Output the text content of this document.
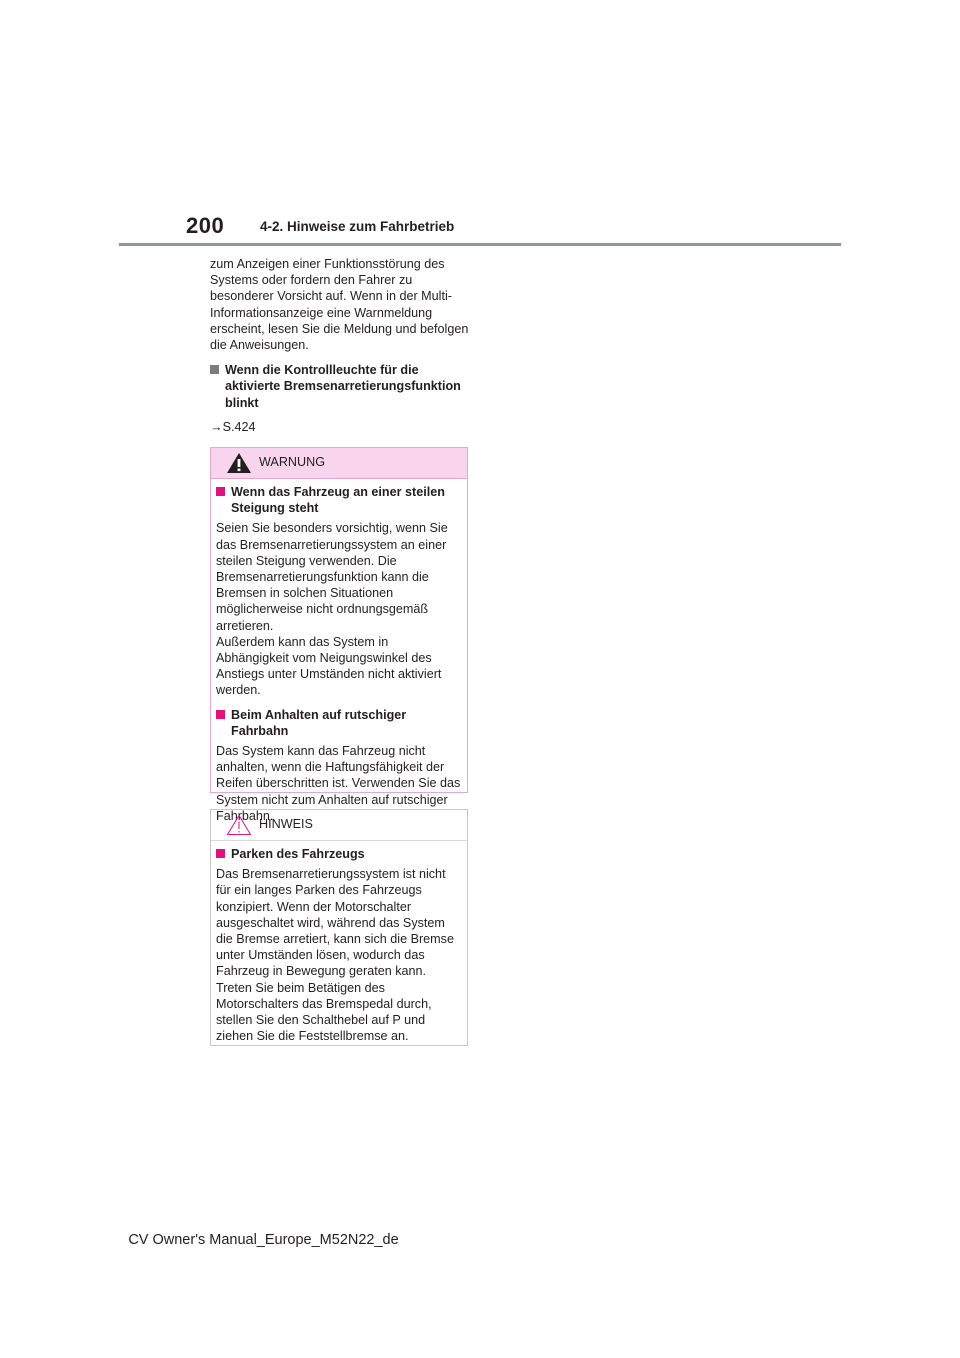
200	4-2. Hinweise zum Fahrbetrieb

zum Anzeigen einer Funktionsstörung des Systems oder fordern den Fahrer zu besonderer Vorsicht auf. Wenn in der Multi-Informationsanzeige eine Warnmeldung erscheint, lesen Sie die Meldung und befolgen die Anweisungen.

Wenn die Kontrollleuchte für die aktivierte Bremsenarretierungsfunktion blinkt

→S.424

WARNUNG

Wenn das Fahrzeug an einer steilen Steigung steht

Seien Sie besonders vorsichtig, wenn Sie das Bremsenarretierungssystem an einer steilen Steigung verwenden. Die Bremsenarretierungsfunktion kann die Bremsen in solchen Situationen möglicherweise nicht ordnungsgemäß arretieren.

Außerdem kann das System in Abhängigkeit vom Neigungswinkel des Anstiegs unter Umständen nicht aktiviert werden.

Beim Anhalten auf rutschiger Fahrbahn

Das System kann das Fahrzeug nicht anhalten, wenn die Haftungsfähigkeit der Reifen überschritten ist. Verwenden Sie das System nicht zum Anhalten auf rutschiger Fahrbahn.

HINWEIS

Parken des Fahrzeugs

Das Bremsenarretierungssystem ist nicht für ein langes Parken des Fahrzeugs konzipiert. Wenn der Motorschalter ausgeschaltet wird, während das System die Bremse arretiert, kann sich die Bremse unter Umständen lösen, wodurch das Fahrzeug in Bewegung geraten kann. Treten Sie beim Betätigen des Motorschalters das Bremspedal durch, stellen Sie den Schalthebel auf P und ziehen Sie die Feststellbremse an.

CV Owner's Manual_Europe_M52N22_de
